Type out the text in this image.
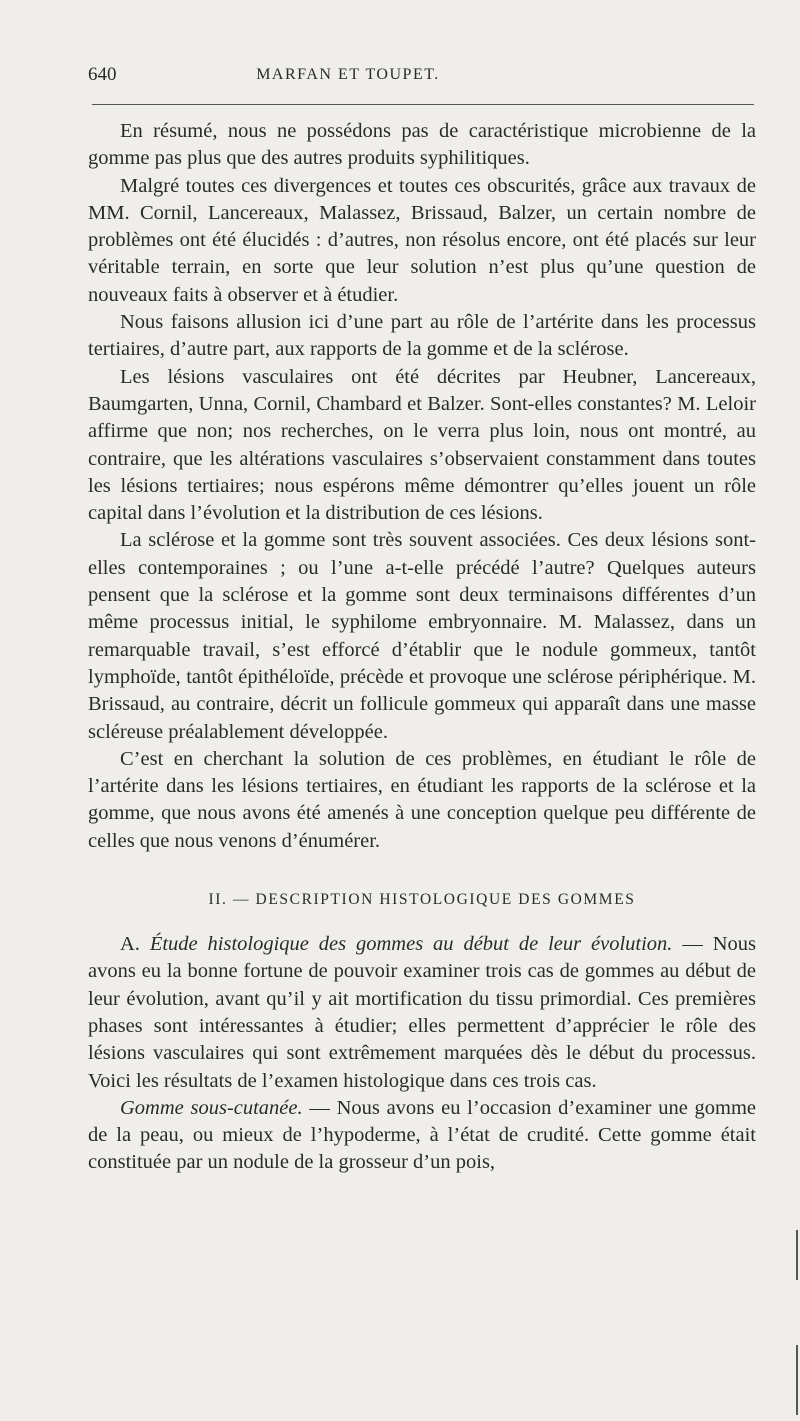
640	MARFAN ET TOUPET.

En résumé, nous ne possédons pas de caractéristique microbienne de la gomme pas plus que des autres produits syphilitiques.

Malgré toutes ces divergences et toutes ces obscurités, grâce aux travaux de MM. Cornil, Lancereaux, Malassez, Brissaud, Balzer, un certain nombre de problèmes ont été élucidés : d’autres, non résolus encore, ont été placés sur leur véritable terrain, en sorte que leur solution n’est plus qu’une question de nouveaux faits à observer et à étudier.

Nous faisons allusion ici d’une part au rôle de l’artérite dans les processus tertiaires, d’autre part, aux rapports de la gomme et de la sclérose.

Les lésions vasculaires ont été décrites par Heubner, Lancereaux, Baumgarten, Unna, Cornil, Chambard et Balzer. Sont-elles constantes? M. Leloir affirme que non; nos recherches, on le verra plus loin, nous ont montré, au contraire, que les altérations vasculaires s’observaient constamment dans toutes les lésions tertiaires; nous espérons même démontrer qu’elles jouent un rôle capital dans l’évolution et la distribution de ces lésions.

La sclérose et la gomme sont très souvent associées. Ces deux lésions sont-elles contemporaines ; ou l’une a-t-elle précédé l’autre? Quelques auteurs pensent que la sclérose et la gomme sont deux terminaisons différentes d’un même processus initial, le syphilome embryonnaire. M. Malassez, dans un remarquable travail, s’est efforcé d’établir que le nodule gommeux, tantôt lymphoïde, tantôt épithéloïde, précède et provoque une sclérose périphérique. M. Brissaud, au contraire, décrit un follicule gommeux qui apparaît dans une masse scléreuse préalablement développée.

C’est en cherchant la solution de ces problèmes, en étudiant le rôle de l’artérite dans les lésions tertiaires, en étudiant les rapports de la sclérose et la gomme, que nous avons été amenés à une conception quelque peu différente de celles que nous venons d’énumérer.

II. — DESCRIPTION HISTOLOGIQUE DES GOMMES

A. Étude histologique des gommes au début de leur évolution. — Nous avons eu la bonne fortune de pouvoir examiner trois cas de gommes au début de leur évolution, avant qu’il y ait mortification du tissu primordial. Ces premières phases sont intéressantes à étudier; elles permettent d’apprécier le rôle des lésions vasculaires qui sont extrêmement marquées dès le début du processus. Voici les résultats de l’examen histologique dans ces trois cas.

Gomme sous-cutanée. — Nous avons eu l’occasion d’examiner une gomme de la peau, ou mieux de l’hypoderme, à l’état de crudité. Cette gomme était constituée par un nodule de la grosseur d’un pois,
